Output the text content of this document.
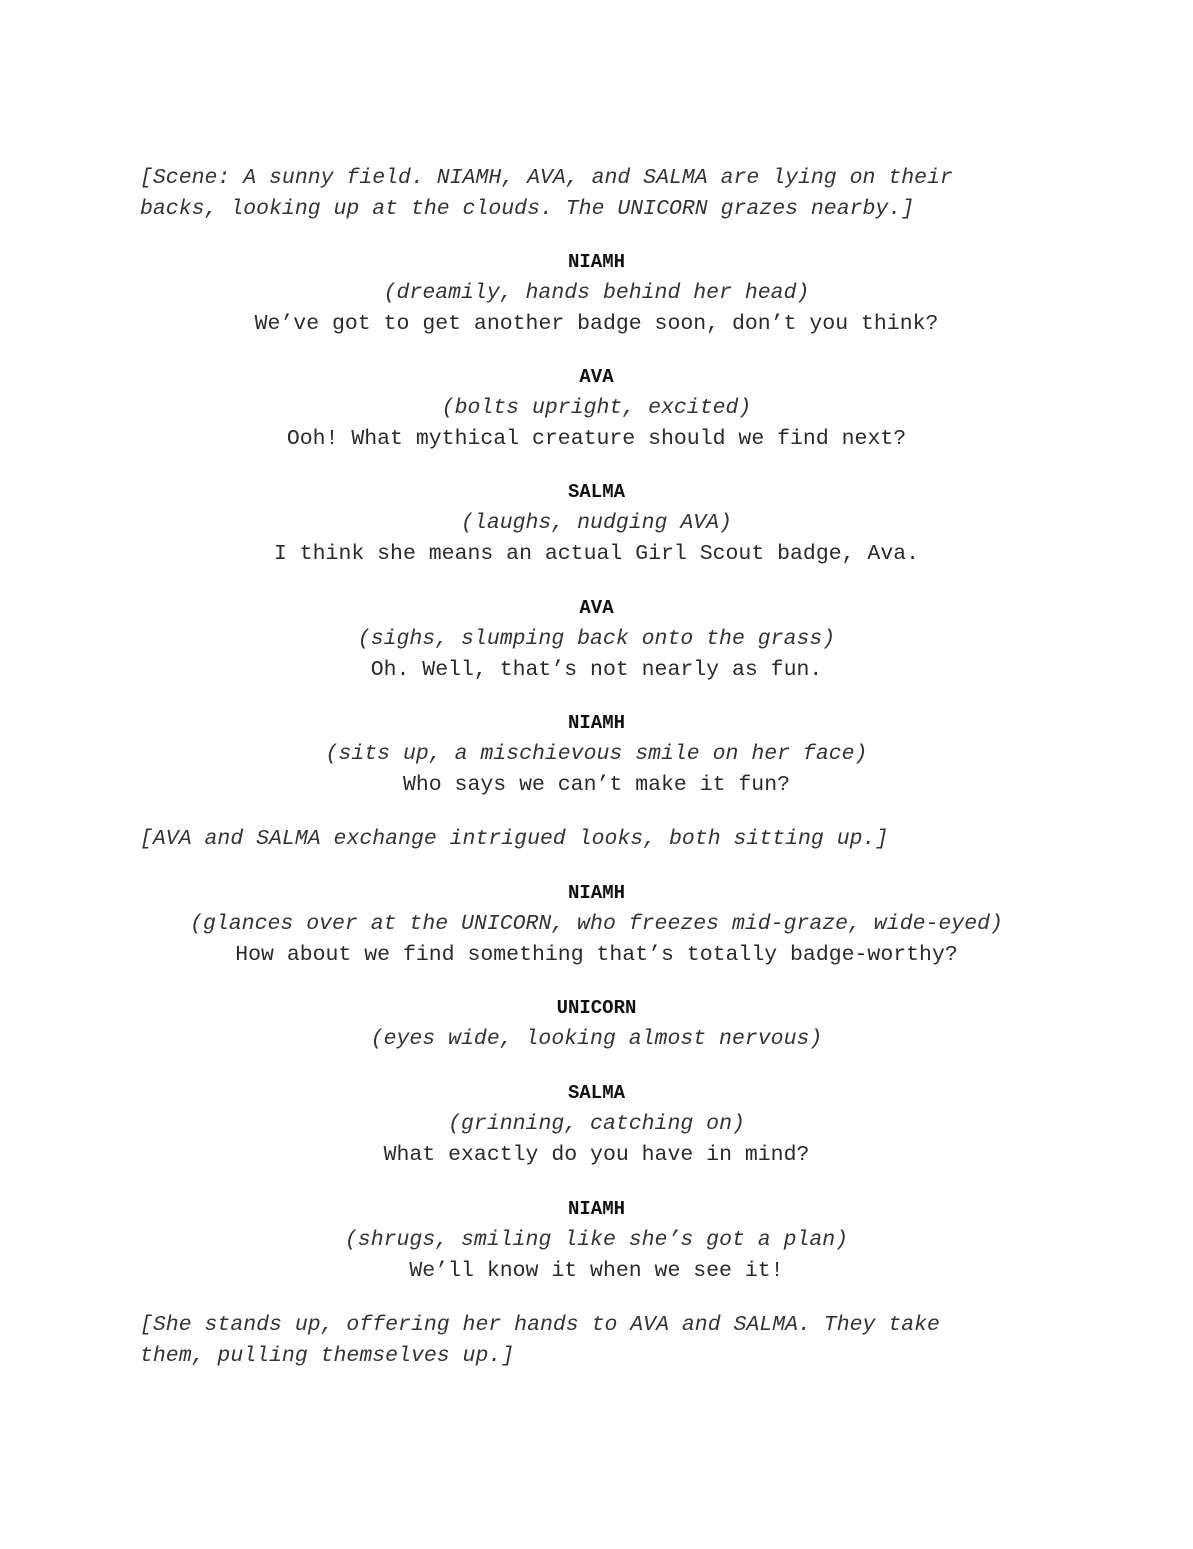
[Scene: A sunny field. NIAMH, AVA, and SALMA are lying on their

backs, looking up at the clouds. The UNICORN grazes nearby.]

NIAMH

(dreamily, hands behind her head)

We’ve got to get another badge soon, don’t you think?

AVA

(bolts upright, excited)

Ooh! What mythical creature should we find next?

SALMA

(laughs, nudging AVA)

I think she means an actual Girl Scout badge, Ava.

AVA

(sighs, slumping back onto the grass)

Oh. Well, that’s not nearly as fun.

NIAMH

(sits up, a mischievous smile on her face)

Who says we can’t make it fun?

[AVA and SALMA exchange intrigued looks, both sitting up.]

NIAMH

(glances over at the UNICORN, who freezes mid-graze, wide-eyed)

How about we find something that’s totally badge-worthy?

UNICORN

(eyes wide, looking almost nervous)

SALMA

(grinning, catching on)

What exactly do you have in mind?

NIAMH

(shrugs, smiling like she’s got a plan)

We’ll know it when we see it!

[She stands up, offering her hands to AVA and SALMA. They take

them, pulling themselves up.]
